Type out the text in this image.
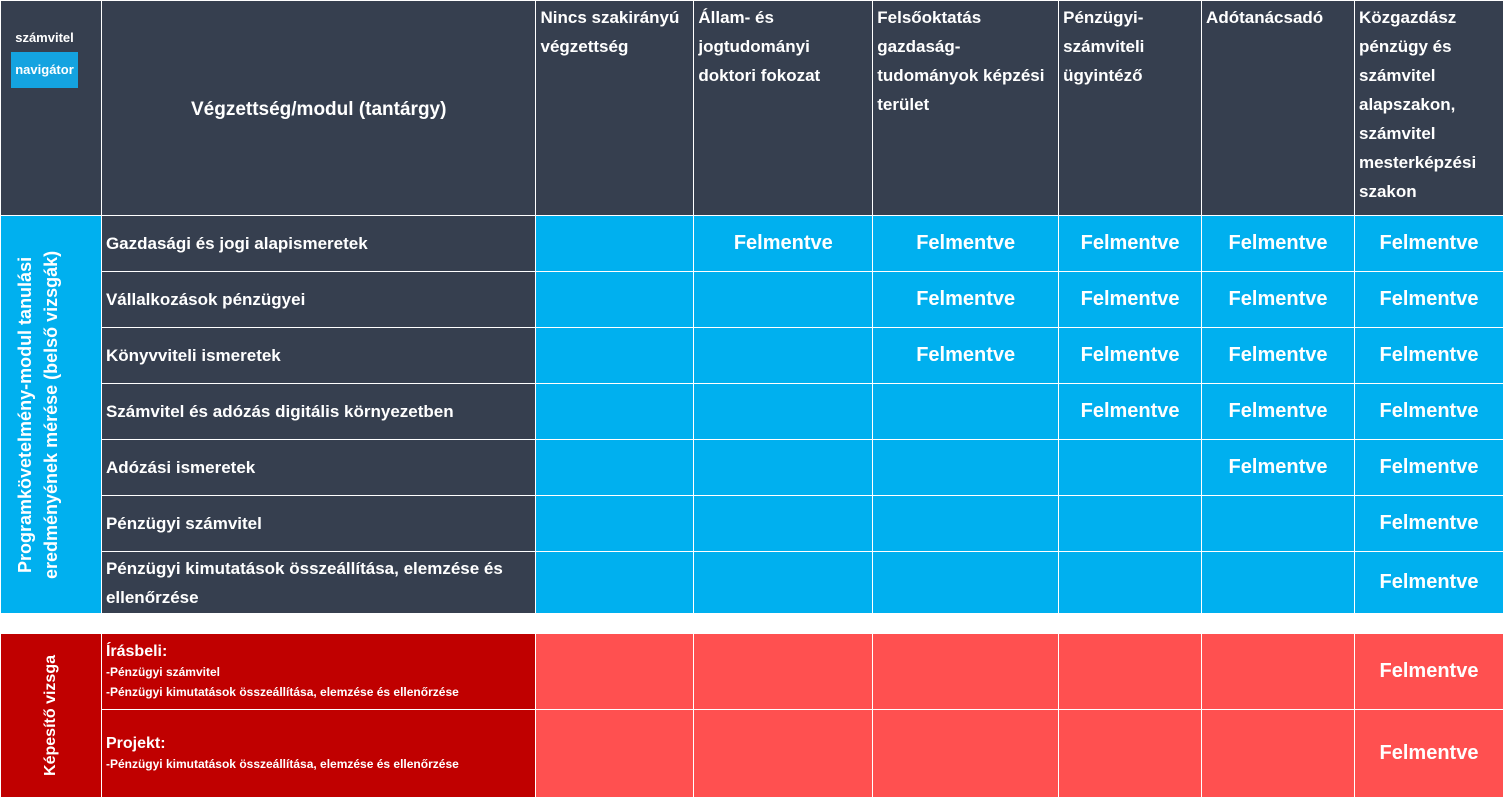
számvitel
navigátor	Végzettség/modul (tantárgy)	Nincs szakirányú végzettség	Állam- és jogtudományi doktori fokozat	Felsőoktatás gazdaság-tudományok képzési terület	Pénzügyi-számviteli ügyintéző	Adótanácsadó	Közgazdász pénzügy és számvitel alapszakon, számvitel mesterképzési szakon

Programkövetelmény-modul tanulási eredményének mérése (belső vizsgák)	Gazdasági és jogi alapismeretek		Felmentve	Felmentve	Felmentve	Felmentve	Felmentve
	Vállalkozások pénzügyei			Felmentve	Felmentve	Felmentve	Felmentve
	Könyvviteli ismeretek			Felmentve	Felmentve	Felmentve	Felmentve
	Számvitel és adózás digitális környezetben				Felmentve	Felmentve	Felmentve
	Adózási ismeretek					Felmentve	Felmentve
	Pénzügyi számvitel						Felmentve
	Pénzügyi kimutatások összeállítása, elemzése és ellenőrzése						Felmentve

Képesítő vizsga	Írásbeli:
-Pénzügyi számvitel
-Pénzügyi kimutatások összeállítása, elemzése és ellenőrzése						Felmentve

	Projekt:
-Pénzügyi kimutatások összeállítása, elemzése és ellenőrzése						Felmentve
